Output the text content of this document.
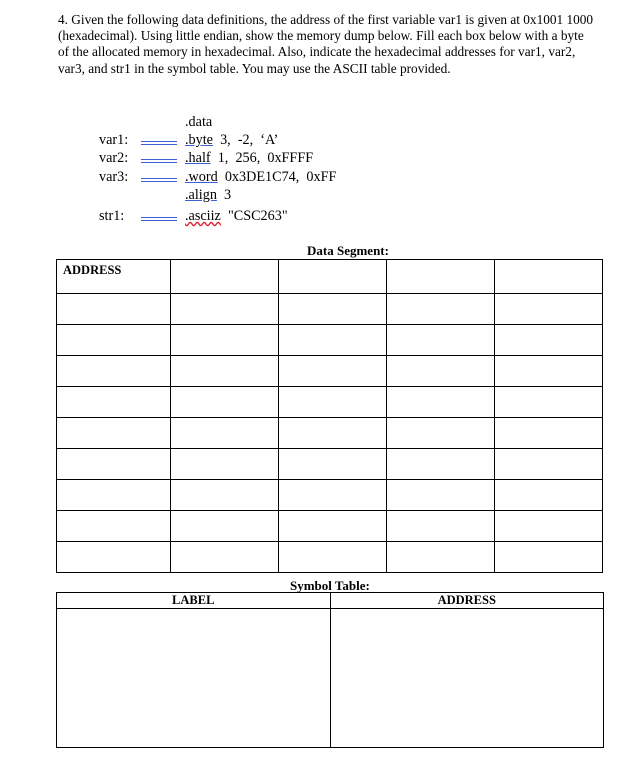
4. Given the following data definitions, the address of the first variable var1 is given at 0x1001 1000 (hexadecimal). Using little endian, show the memory dump below. Fill each box below with a byte of the allocated memory in hexadecimal. Also, indicate the hexadecimal addresses for var1, var2, var3, and str1 in the symbol table. You may use the ASCII table provided.
.data
var1:	.byte 3,  -2,  ‘A’
var2:	.half 1,  256,  0xFFFF
var3:	.word 0x3DE1C74,  0xFF
.align 3
str1:	.asciiz "CSC263"
Data Segment:
ADDRESS				

Symbol Table:
LABEL	ADDRESS
